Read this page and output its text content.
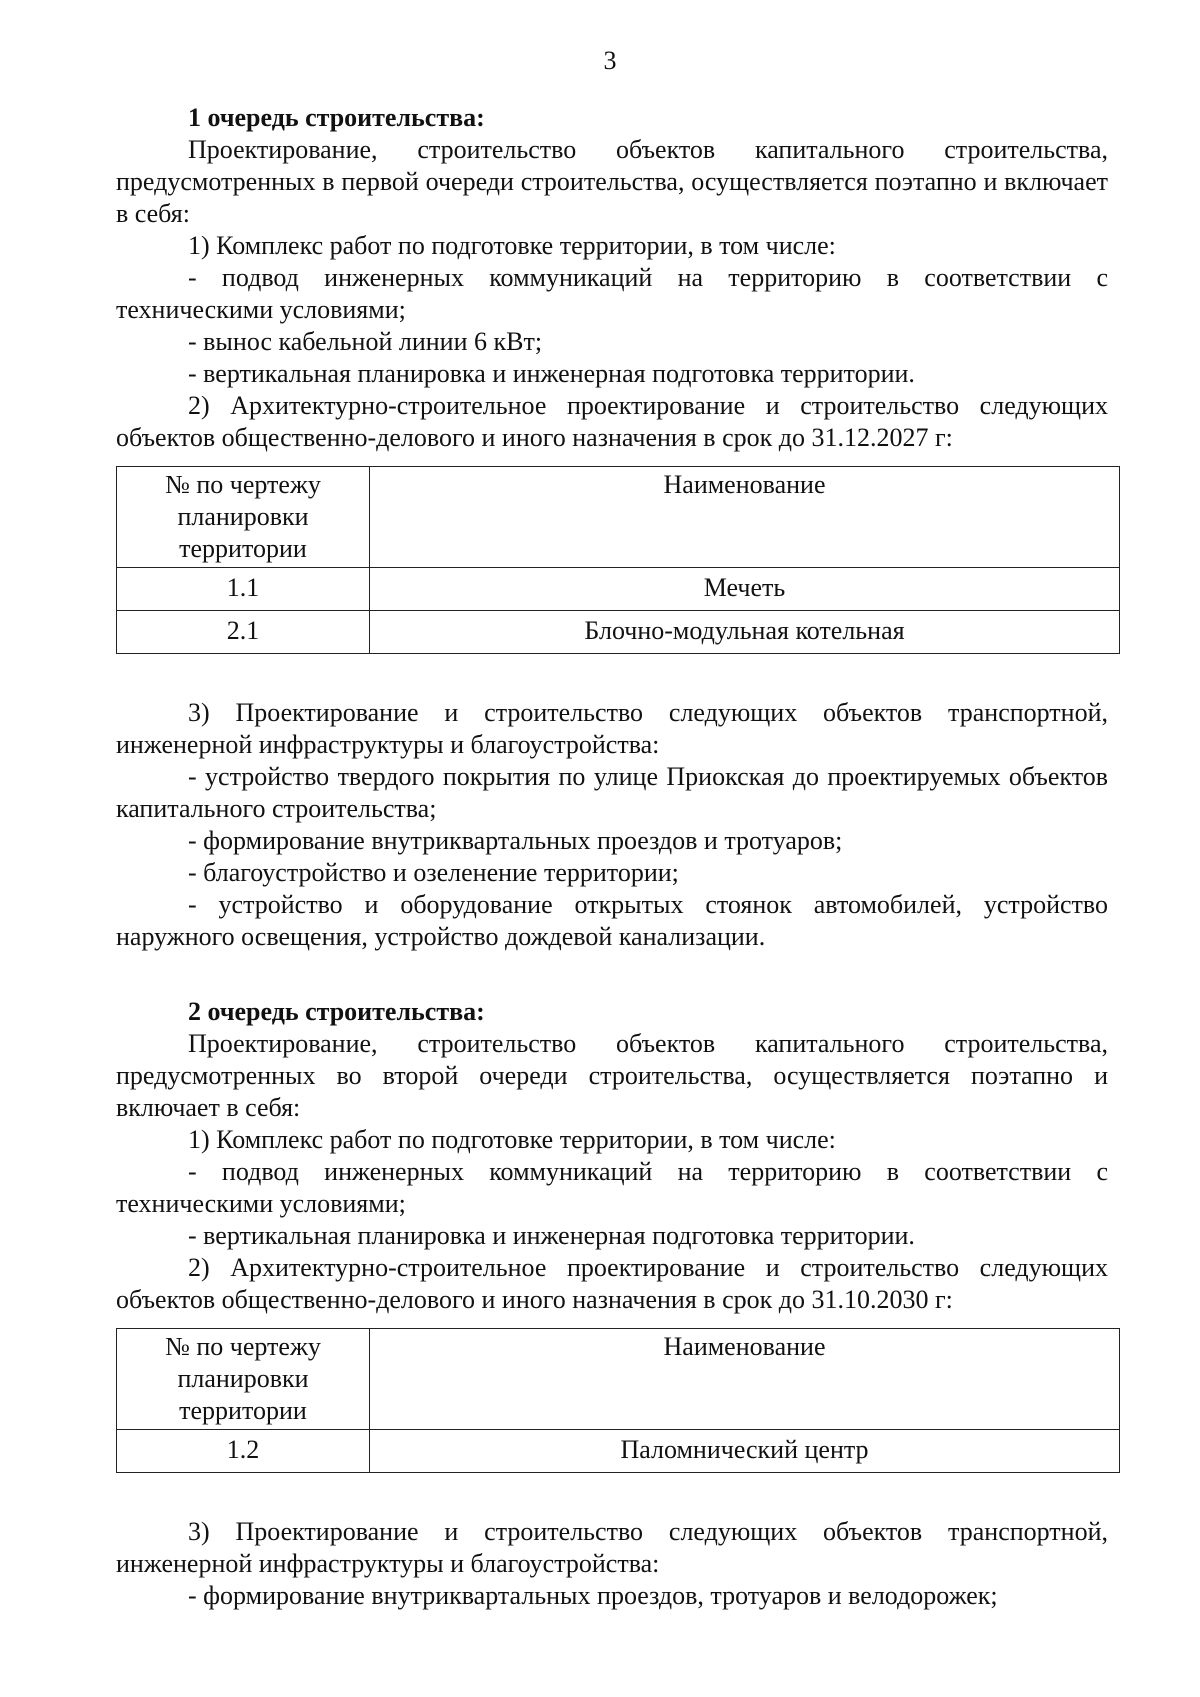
3

1 очередь строительства:

Проектирование, строительство объектов капитального строительства, предусмотренных в первой очереди строительства, осуществляется поэтапно и включает в себя:

1) Комплекс работ по подготовке территории, в том числе:

- подвод инженерных коммуникаций на территорию в соответствии с техническими условиями;

- вынос кабельной линии 6 кВт;

- вертикальная планировка и инженерная подготовка территории.

2) Архитектурно-строительное проектирование и строительство следующих объектов общественно-делового и иного назначения в срок до 31.12.2027 г:

№ по чертежу планировки территории	Наименование
1.1	Мечеть
2.1	Блочно-модульная котельная

3) Проектирование и строительство следующих объектов транспортной, инженерной инфраструктуры и благоустройства:

- устройство твердого покрытия по улице Приокская до проектируемых объектов капитального строительства;

- формирование внутриквартальных проездов и тротуаров;

- благоустройство и озеленение территории;

- устройство и оборудование открытых стоянок автомобилей, устройство наружного освещения, устройство дождевой канализации.

2 очередь строительства:

Проектирование, строительство объектов капитального строительства, предусмотренных во второй очереди строительства, осуществляется поэтапно и включает в себя:

1) Комплекс работ по подготовке территории, в том числе:

- подвод инженерных коммуникаций на территорию в соответствии с техническими условиями;

- вертикальная планировка и инженерная подготовка территории.

2) Архитектурно-строительное проектирование и строительство следующих объектов общественно-делового и иного назначения в срок до 31.10.2030 г:

№ по чертежу планировки территории	Наименование
1.2	Паломнический центр

3) Проектирование и строительство следующих объектов транспортной, инженерной инфраструктуры и благоустройства:

- формирование внутриквартальных проездов, тротуаров и велодорожек;
